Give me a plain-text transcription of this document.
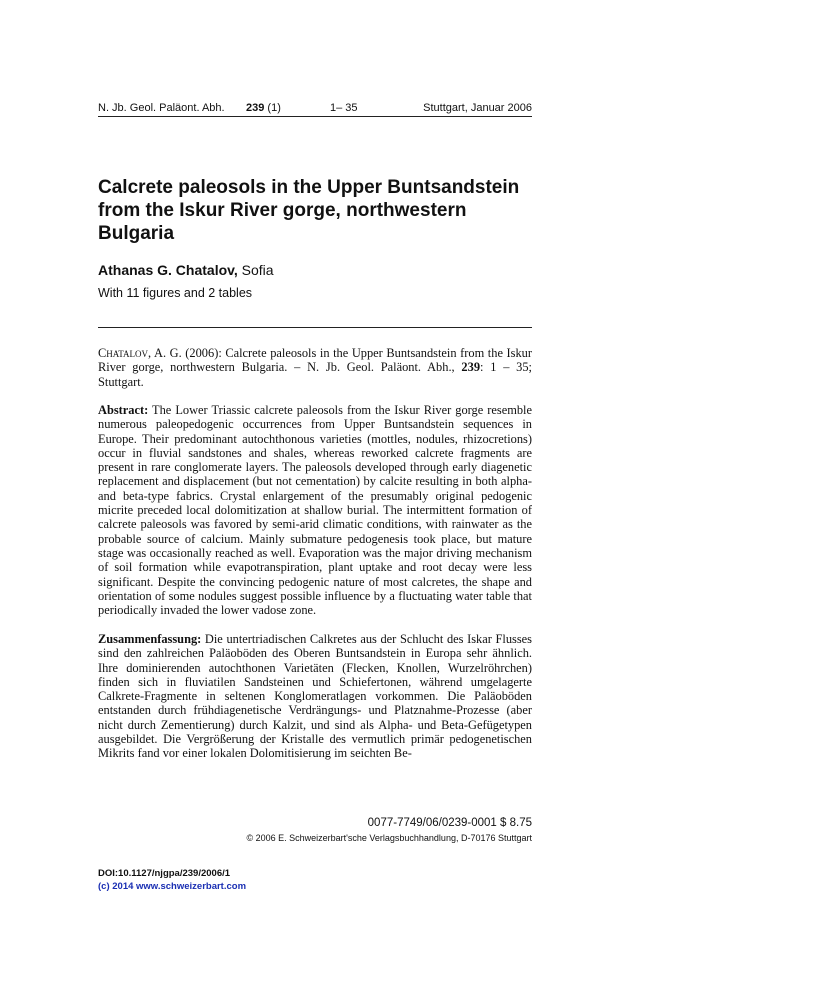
N. Jb. Geol. Paläont. Abh. 239 (1)	1– 35	Stuttgart, Januar 2006
Calcrete paleosols in the Upper Buntsandstein from the Iskur River gorge, northwestern Bulgaria
Athanas G. Chatalov, Sofia
With 11 figures and 2 tables

Chatalov, A. G. (2006): Calcrete paleosols in the Upper Buntsandstein from the Iskur River gorge, northwestern Bulgaria. – N. Jb. Geol. Paläont. Abh., 239: 1 – 35; Stuttgart.

Abstract: The Lower Triassic calcrete paleosols from the Iskur River gorge resemble numerous paleopedogenic occurrences from Upper Buntsandstein sequences in Europe. Their predominant autochthonous varieties (mottles, nodules, rhizocretions) occur in fluvial sandstones and shales, whereas reworked calcrete fragments are present in rare conglomerate layers. The paleosols developed through early diagenetic replacement and displacement (but not cementation) by calcite resulting in both alpha- and beta-type fabrics. Crystal enlargement of the presumably original pedogenic micrite preceded local dolomitization at shallow burial. The intermittent formation of calcrete paleosols was favored by semi-arid climatic conditions, with rainwater as the probable source of calcium. Mainly submature pedogenesis took place, but mature stage was occasionally reached as well. Evaporation was the major driving mechanism of soil formation while evapotranspiration, plant uptake and root decay were less significant. Despite the convincing pedogenic nature of most calcretes, the shape and orientation of some nodules suggest possible influence by a fluctuating water table that periodically invaded the lower vadose zone.

Zusammenfassung: Die untertriadischen Calkretes aus der Schlucht des Iskar Flusses sind den zahlreichen Paläoböden des Oberen Buntsandstein in Europa sehr ähnlich. Ihre dominierenden autochthonen Varietäten (Flecken, Knollen, Wurzelröhrchen) finden sich in fluviatilen Sandsteinen und Schiefertonen, während umgelagerte Calkrete-Fragmente in seltenen Konglomeratlagen vorkommen. Die Paläoböden entstanden durch frühdiagenetische Verdrängungs- und Platznahme-Prozesse (aber nicht durch Zementierung) durch Kalzit, und sind als Alpha- und Beta-Gefügetypen ausgebildet. Die Vergrößerung der Kristalle des vermutlich primär pedogenetischen Mikrits fand vor einer lokalen Dolomitisierung im seichten Be-

0077-7749/06/0239-0001 $ 8.75
© 2006 E. Schweizerbart'sche Verlagsbuchhandlung, D-70176 Stuttgart
DOI:10.1127/njgpa/239/2006/1
(c) 2014 www.schweizerbart.com
